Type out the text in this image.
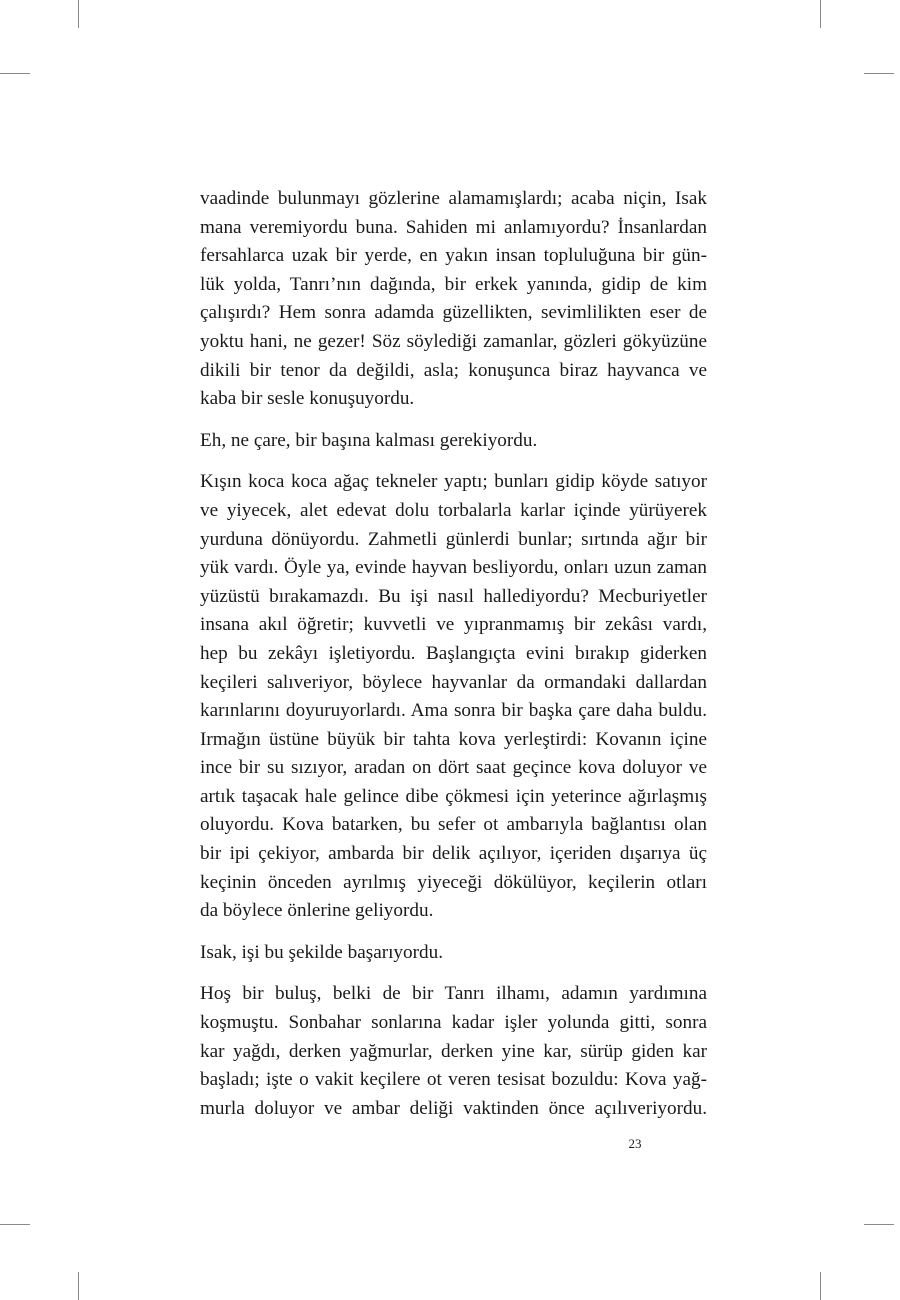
vaadinde bulunmayı gözlerine alamamışlardı; acaba niçin, Isak
mana veremiyordu buna. Sahiden mi anlamıyordu? İnsanlardan
fersahlarca uzak bir yerde, en yakın insan topluluğuna bir gün-
lük yolda, Tanrı’nın dağında, bir erkek yanında, gidip de kim
çalışırdı? Hem sonra adamda güzellikten, sevimlilikten eser de
yoktu hani, ne gezer! Söz söylediği zamanlar, gözleri gökyüzüne
dikili bir tenor da değildi, asla; konuşunca biraz hayvanca ve
kaba bir sesle konuşuyordu.

Eh, ne çare, bir başına kalması gerekiyordu.

Kışın koca koca ağaç tekneler yaptı; bunları gidip köyde satıyor
ve yiyecek, alet edevat dolu torbalarla karlar içinde yürüyerek
yurduna dönüyordu. Zahmetli günlerdi bunlar; sırtında ağır bir
yük vardı. Öyle ya, evinde hayvan besliyordu, onları uzun zaman
yüzüstü bırakamazdı. Bu işi nasıl hallediyordu? Mecburiyetler
insana akıl öğretir; kuvvetli ve yıpranmamış bir zekâsı vardı,
hep bu zekâyı işletiyordu. Başlangıçta evini bırakıp giderken
keçileri salıveriyor, böylece hayvanlar da ormandaki dallardan
karınlarını doyuruyorlardı. Ama sonra bir başka çare daha buldu.
Irmağın üstüne büyük bir tahta kova yerleştirdi: Kovanın içine
ince bir su sızıyor, aradan on dört saat geçince kova doluyor ve
artık taşacak hale gelince dibe çökmesi için yeterince ağırlaşmış
oluyordu. Kova batarken, bu sefer ot ambarıyla bağlantısı olan
bir ipi çekiyor, ambarda bir delik açılıyor, içeriden dışarıya üç
keçinin önceden ayrılmış yiyeceği dökülüyor, keçilerin otları
da böylece önlerine geliyordu.

Isak, işi bu şekilde başarıyordu.

Hoş bir buluş, belki de bir Tanrı ilhamı, adamın yardımına
koşmuştu. Sonbahar sonlarına kadar işler yolunda gitti, sonra
kar yağdı, derken yağmurlar, derken yine kar, sürüp giden kar
başladı; işte o vakit keçilere ot veren tesisat bozuldu: Kova yağ-
murla doluyor ve ambar deliği vaktinden önce açılıveriyordu.

23
